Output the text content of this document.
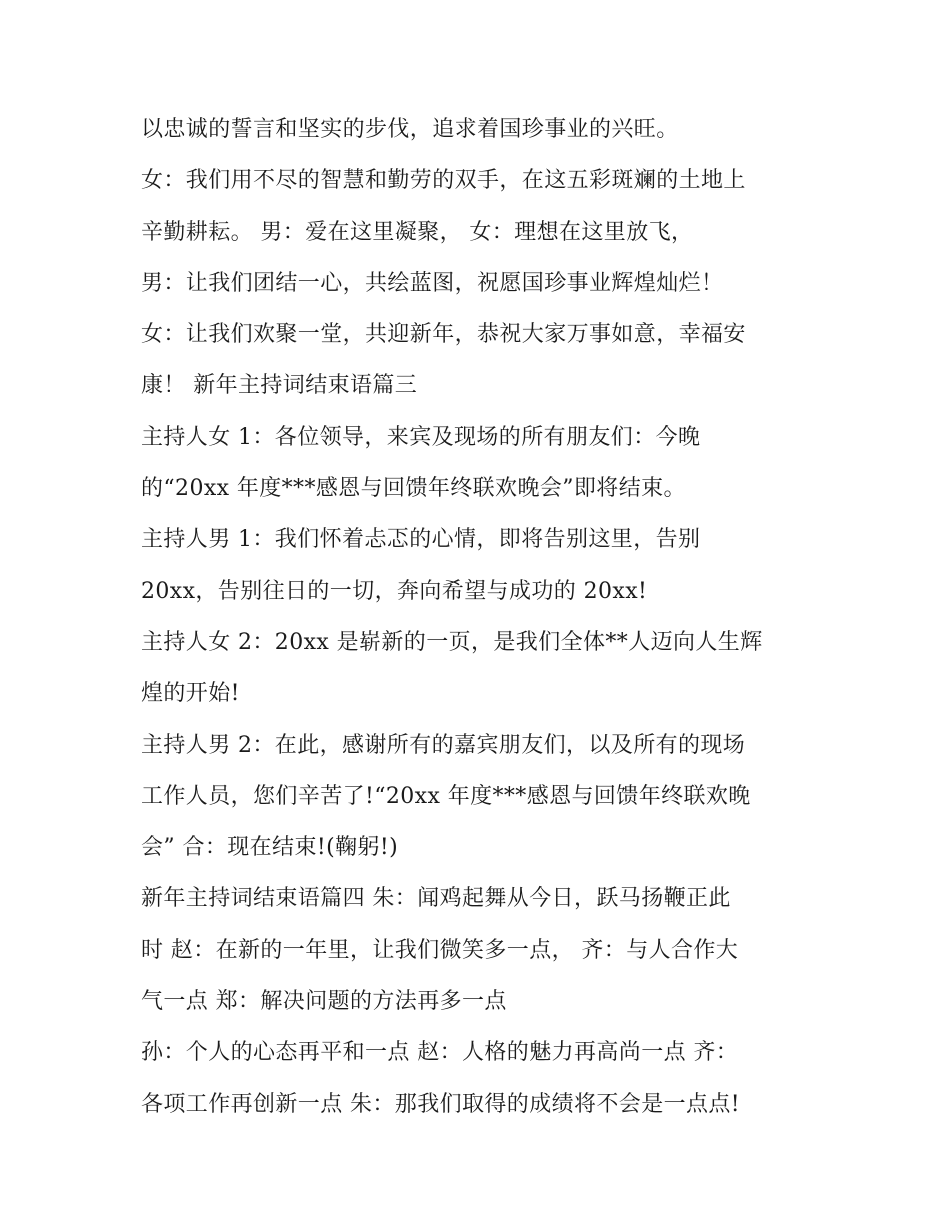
以忠诚的誓言和坚实的步伐，追求着国珍事业的兴旺。
女：我们用不尽的智慧和勤劳的双手，在这五彩斑斓的土地上
辛勤耕耘。 男：爱在这里凝聚， 女：理想在这里放飞，
男：让我们团结一心，共绘蓝图，祝愿国珍事业辉煌灿烂！
女：让我们欢聚一堂，共迎新年，恭祝大家万事如意，幸福安
康！ 新年主持词结束语篇三
主持人女 1：各位领导，来宾及现场的所有朋友们：今晚
的“20xx 年度***感恩与回馈年终联欢晚会”即将结束。
主持人男 1：我们怀着忐忑的心情，即将告别这里，告别
20xx，告别往日的一切，奔向希望与成功的 20xx!
主持人女 2：20xx 是崭新的一页，是我们全体**人迈向人生辉
煌的开始!
主持人男 2：在此，感谢所有的嘉宾朋友们，以及所有的现场
工作人员，您们辛苦了!“20xx 年度***感恩与回馈年终联欢晚
会” 合：现在结束!(鞠躬!)
新年主持词结束语篇四 朱：闻鸡起舞从今日，跃马扬鞭正此
时 赵：在新的一年里，让我们微笑多一点， 齐：与人合作大
气一点 郑：解决问题的方法再多一点
孙：个人的心态再平和一点 赵：人格的魅力再高尚一点 齐：
各项工作再创新一点 朱：那我们取得的成绩将不会是一点点!
